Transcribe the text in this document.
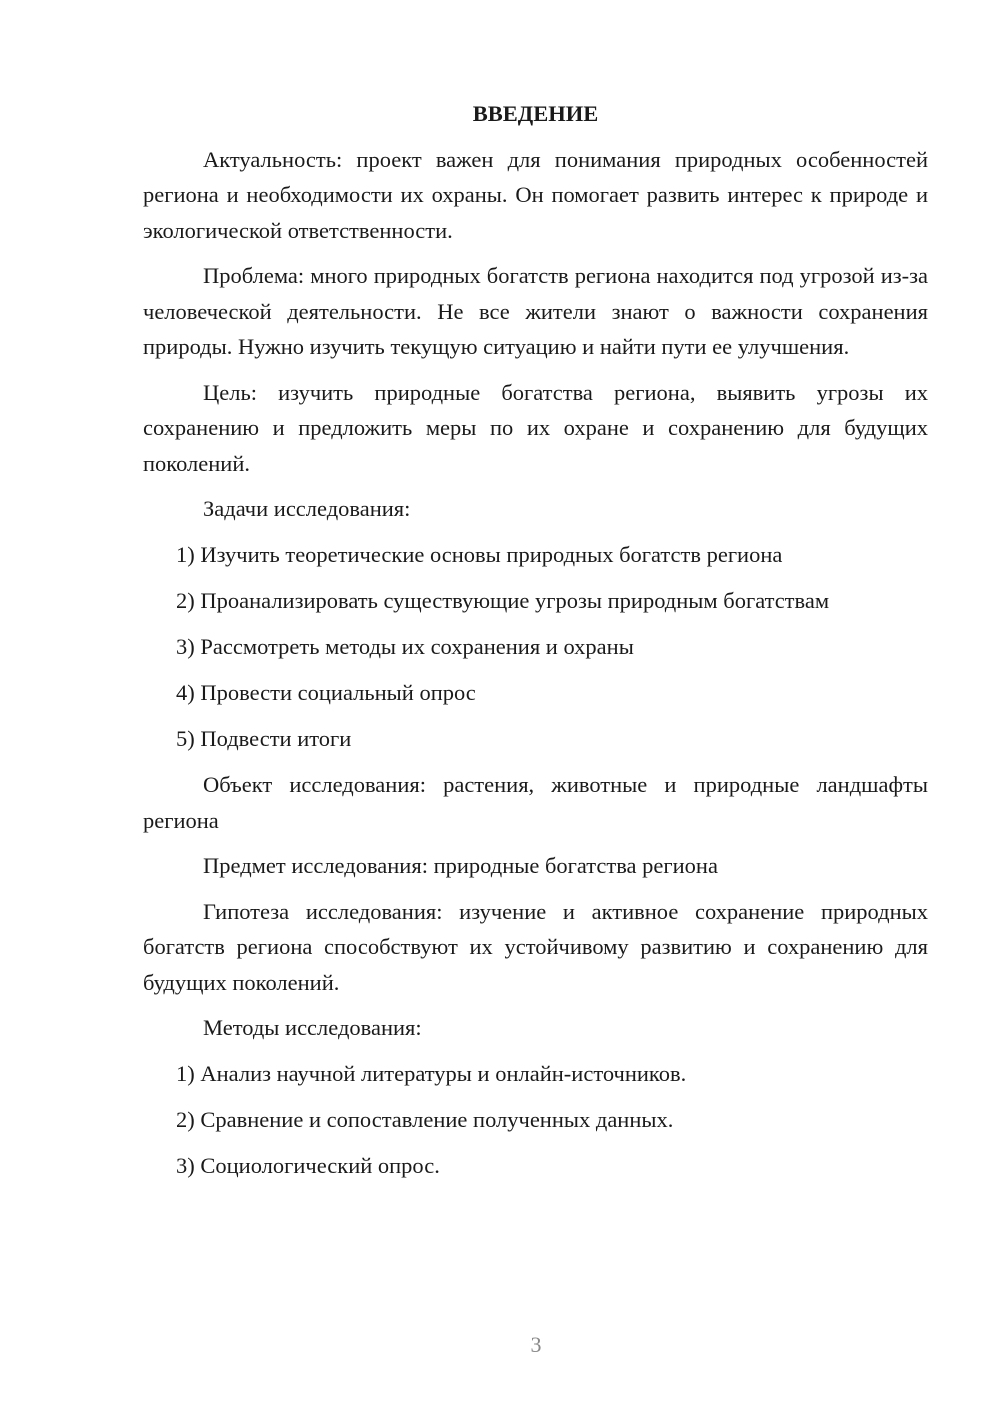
ВВЕДЕНИЕ
Актуальность: проект важен для понимания природных особенностей региона и необходимости их охраны. Он помогает развить интерес к природе и экологической ответственности.
Проблема: много природных богатств региона находится под угрозой из-за человеческой деятельности. Не все жители знают о важности сохранения природы. Нужно изучить текущую ситуацию и найти пути ее улучшения.
Цель: изучить природные богатства региона, выявить угрозы их сохранению и предложить меры по их охране и сохранению для будущих поколений.
Задачи исследования:
1) Изучить теоретические основы природных богатств региона
2) Проанализировать существующие угрозы природным богатствам
3) Рассмотреть методы их сохранения и охраны
4) Провести социальный опрос
5) Подвести итоги
Объект исследования: растения, животные и природные ландшафты региона
Предмет исследования: природные богатства региона
Гипотеза исследования: изучение и активное сохранение природных богатств региона способствуют их устойчивому развитию и сохранению для будущих поколений.
Методы исследования:
1) Анализ научной литературы и онлайн-источников.
2) Сравнение и сопоставление полученных данных.
3) Социологический опрос.
3
